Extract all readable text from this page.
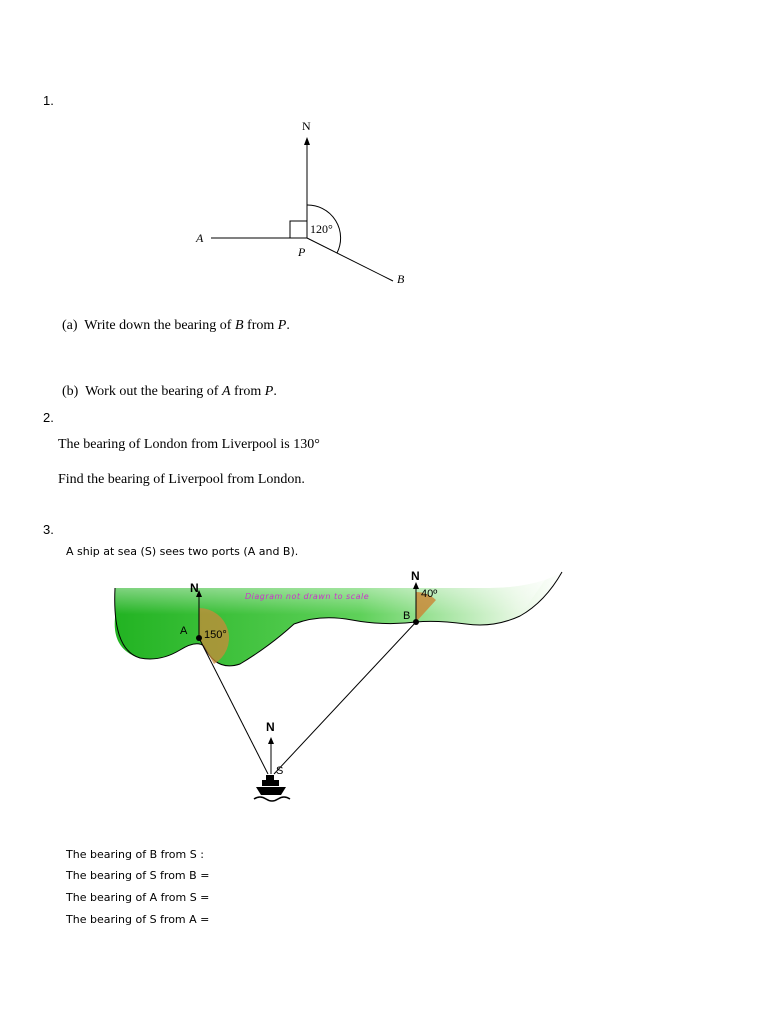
1.
N
120°
A
P
B
(a) Write down the bearing of B from P.
(b) Work out the bearing of A from P.
2.
The bearing of London from Liverpool is 130°
Find the bearing of Liverpool from London.
3.
A ship at sea (S) sees two ports (A and B).
N
N
N
Diagram not drawn to scale
A
B
S
150°
40º
The bearing of B from S :
The bearing of S from B =
The bearing of A from S =
The bearing of S from A =
